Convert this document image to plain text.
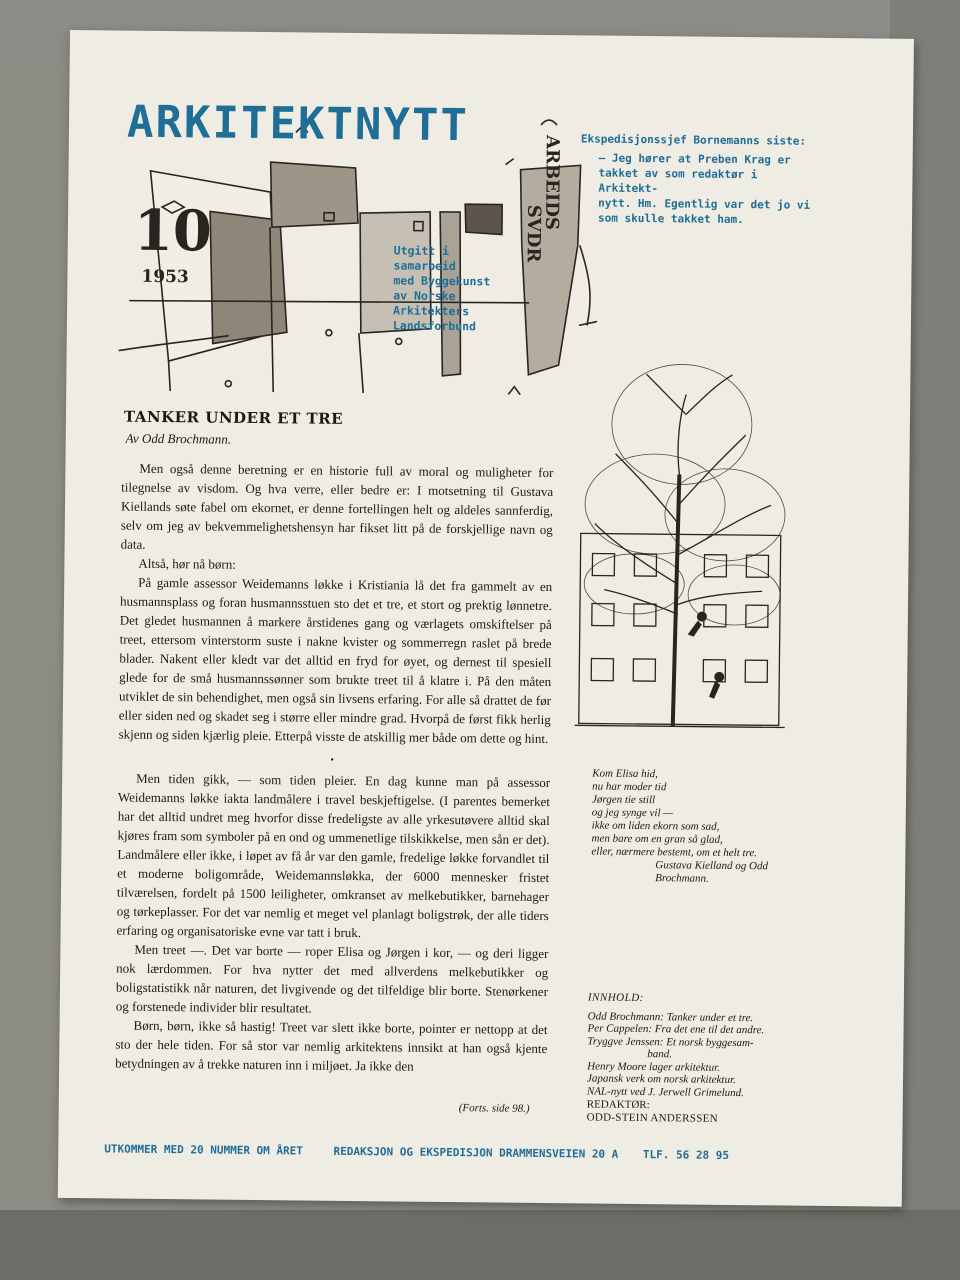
SVDR
ARBEIDS
ARKITEKTNYTT
10
1953
Utgitt i
samarbeid
med Byggekunst
av Norske
Arkitekters
Landsforbund
Ekspedisjonssjef Bornemanns siste:
— Jeg hører at Preben Krag er
takket av som redaktør i Arkitekt-
nytt. Hm. Egentlig var det jo vi
som skulle takket ham.
TANKER UNDER ET TRE
Av Odd Brochmann.

Men også denne beretning er en historie full av moral og muligheter for tilegnelse av visdom. Og hva verre, eller bedre er: I motsetning til Gustava Kiellands søte fabel om ekornet, er denne fortellingen helt og aldeles sannferdig, selv om jeg av bekvemmelighetshensyn har fikset litt på de forskjellige navn og data.

Altså, hør nå børn:

På gamle assessor Weidemanns løkke i Kristiania lå det fra gammelt av en husmannsplass og foran husmannsstuen sto det et tre, et stort og prektig lønnetre. Det gledet husmannen å markere årstidenes gang og værlagets omskiftelser på treet, ettersom vinterstorm suste i nakne kvister og sommerregn raslet på brede blader. Nakent eller kledt var det alltid en fryd for øyet, og dernest til spesiell glede for de små husmannssønner som brukte treet til å klatre i. På den måten utviklet de sin behendighet, men også sin livsens erfaring. For alle så drattet de før eller siden ned og skadet seg i større eller mindre grad. Hvorpå de først fikk herlig skjenn og siden kjærlig pleie. Etterpå visste de atskillig mer både om dette og hint.

•

Men tiden gikk, — som tiden pleier. En dag kunne man på assessor Weidemanns løkke iakta landmålere i travel beskjeftigelse. (I parentes bemerket har det alltid undret meg hvorfor disse fredeligste av alle yrkesutøvere alltid skal kjøres fram som symboler på en ond og ummenetlige tilskikkelse, men sån er det). Landmålere eller ikke, i løpet av få år var den gamle, fredelige løkke forvandlet til et moderne boligområde, Weidemannsløkka, der 6000 mennesker fristet tilværelsen, fordelt på 1500 leiligheter, omkranset av melkebutikker, barnehager og tørkeplasser. For det var nemlig et meget vel planlagt boligstrøk, der alle tiders erfaring og organisatoriske evne var tatt i bruk.

Men treet —. Det var borte — roper Elisa og Jørgen i kor, — og deri ligger nok lærdommen. For hva nytter det med allverdens melkebutikker og boligstatistikk når naturen, det livgivende og det tilfeldige blir borte. Stenørkener og forstenede individer blir resultatet.

Børn, børn, ikke så hastig! Treet var slett ikke borte, pointer er nettopp at det sto der hele tiden. For så stor var nemlig arkitektens innsikt at han også kjente betydningen av å trekke naturen inn i miljøet. Ja ikke den

(Forts. side 98.)
Kom Elisa hid,
nu har moder tid
Jørgen tie still
og jeg synge vil —
ikke om liden ekorn som sad,
men bare om en gran så glad,
eller, nærmere bestemt, om et helt tre.
Gustava Kielland og Odd
Brochmann.
INNHOLD:
Odd Brochmann: Tanker under et tre.
Per Cappelen: Fra det ene til det andre.
Tryggve Jenssen: Et norsk byggesam-
band.
Henry Moore lager arkitektur.
Japansk verk om norsk arkitektur.
NAL-nytt ved J. Jerwell Grimelund.
REDAKTØR:
ODD-STEIN ANDERSSEN
UTKOMMER MED 20 NUMMER OM ÅRET	REDAKSJON OG EKSPEDISJON DRAMMENSVEIEN 20 A TLF. 56 28 95
